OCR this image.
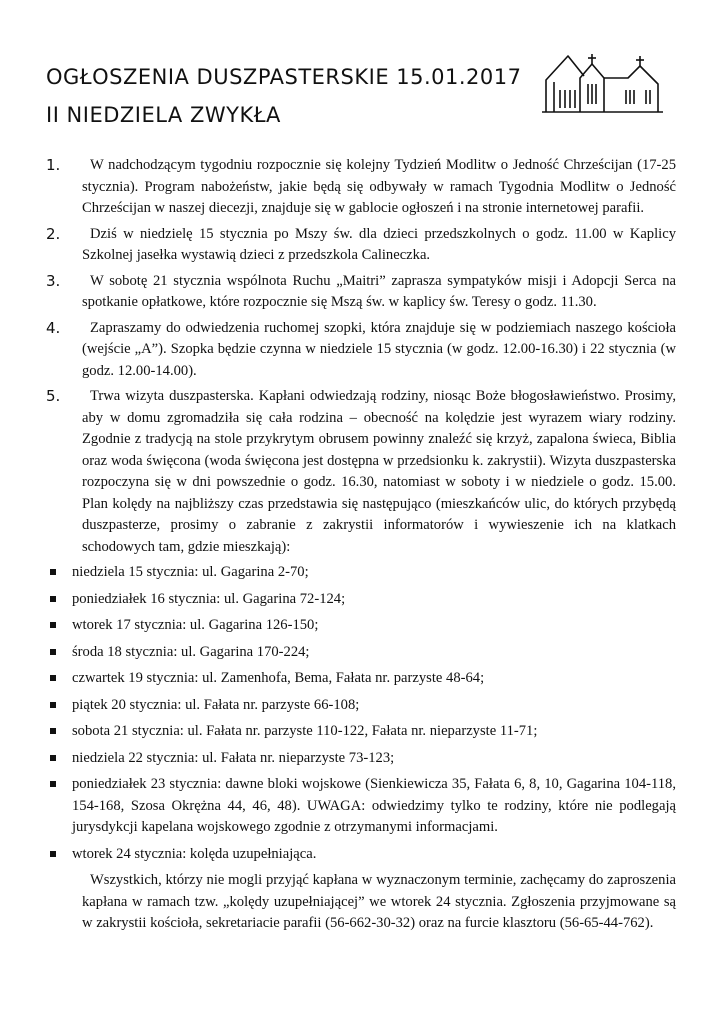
OGŁOSZENIA DUSZPASTERSKIE 15.01.2017
II NIEDZIELA ZWYKŁA
1.	W nadchodzącym tygodniu rozpocznie się kolejny Tydzień Modlitw o Jedność Chrześcijan (17-25 stycznia). Program nabożeństw, jakie będą się odbywały w ramach Tygodnia Modlitw o Jedność Chrześcijan w naszej diecezji, znajduje się w gablocie ogłoszeń i na stronie internetowej parafii.

2.	Dziś w niedzielę 15 stycznia po Mszy św. dla dzieci przedszkolnych o godz. 11.00 w Kaplicy Szkolnej jasełka wystawią dzieci z przedszkola Calineczka.

3.	W sobotę 21 stycznia wspólnota Ruchu „Maitri” zaprasza sympatyków misji i Adopcji Serca na spotkanie opłatkowe, które rozpocznie się Mszą św. w kaplicy św. Teresy o godz. 11.30.

4.	Zapraszamy do odwiedzenia ruchomej szopki, która znajduje się w podziemiach naszego kościoła (wejście „A”). Szopka będzie czynna w niedziele 15 stycznia (w godz. 12.00-16.30) i 22 stycznia (w godz. 12.00-14.00).

5.	Trwa wizyta duszpasterska. Kapłani odwiedzają rodziny, niosąc Boże błogosławieństwo. Prosimy, aby w domu zgromadziła się cała rodzina – obecność na kolędzie jest wyrazem wiary rodziny. Zgodnie z tradycją na stole przykrytym obrusem powinny znaleźć się krzyż, zapalona świeca, Biblia oraz woda święcona (woda święcona jest dostępna w przedsionku k. zakrystii). Wizyta duszpasterska rozpoczyna się w dni powszednie o godz. 16.30, natomiast w soboty i w niedziele o godz. 15.00. Plan kolędy na najbliższy czas przedstawia się następująco (mieszkańców ulic, do których przybędą duszpasterze, prosimy o zabranie z zakrystii informatorów i wywieszenie ich na klatkach schodowych tam, gdzie mieszkają):

niedziela 15 stycznia: ul. Gagarina 2-70;
poniedziałek 16 stycznia: ul. Gagarina 72-124;
wtorek 17 stycznia: ul. Gagarina 126-150;
środa 18 stycznia: ul. Gagarina 170-224;
czwartek 19 stycznia: ul. Zamenhofa, Bema, Fałata nr. parzyste 48-64;
piątek 20 stycznia: ul. Fałata nr. parzyste 66-108;
sobota 21 stycznia: ul. Fałata nr. parzyste 110-122, Fałata nr. nieparzyste 11-71;
niedziela 22 stycznia: ul. Fałata nr. nieparzyste 73-123;
poniedziałek 23 stycznia: dawne bloki wojskowe (Sienkiewicza 35, Fałata 6, 8, 10, Gagarina 104-118, 154-168, Szosa Okrężna 44, 46, 48). UWAGA: odwiedzimy tylko te rodziny, które nie podlegają jurysdykcji kapelana wojskowego zgodnie z otrzymanymi informacjami.
wtorek 24 stycznia: kolęda uzupełniająca.

Wszystkich, którzy nie mogli przyjąć kapłana w wyznaczonym terminie, zachęcamy do zaproszenia kapłana w ramach tzw. „kolędy uzupełniającej” we wtorek 24 stycznia. Zgłoszenia przyjmowane są w zakrystii kościoła, sekretariacie parafii (56-662-30-32) oraz na furcie klasztoru (56-65-44-762).
